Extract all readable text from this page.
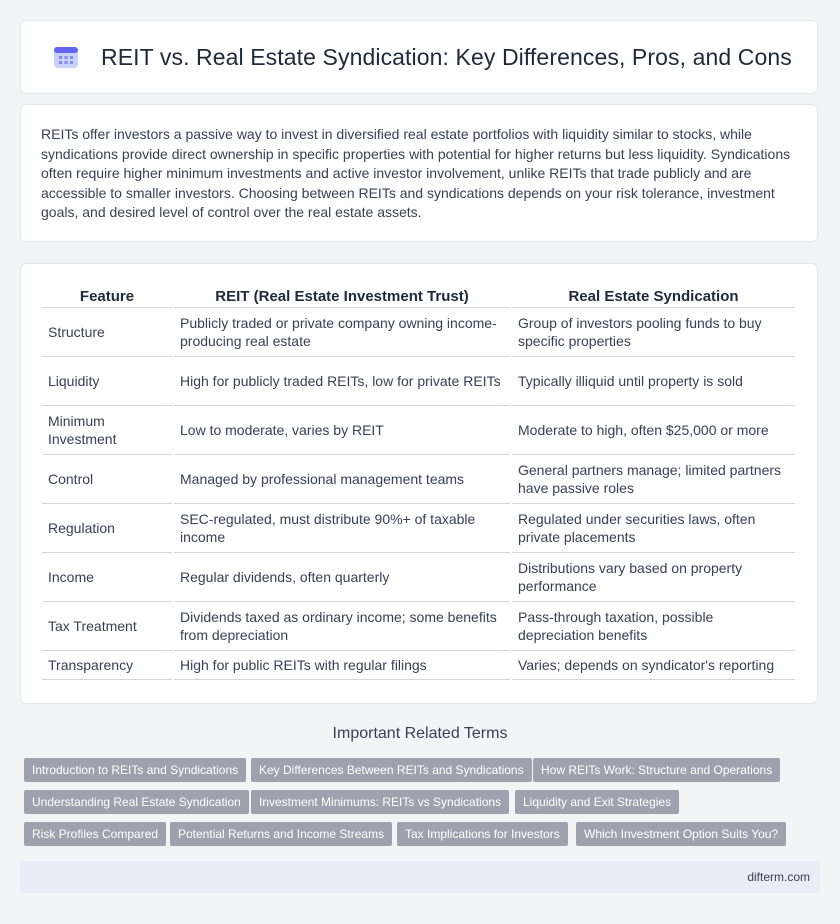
REIT vs. Real Estate Syndication: Key Differences, Pros, and Cons

REITs offer investors a passive way to invest in diversified real estate portfolios with liquidity similar to stocks, while syndications provide direct ownership in specific properties with potential for higher returns but less liquidity. Syndications often require higher minimum investments and active investor involvement, unlike REITs that trade publicly and are accessible to smaller investors. Choosing between REITs and syndications depends on your risk tolerance, investment goals, and desired level of control over the real estate assets.

Feature	REIT (Real Estate Investment Trust)	Real Estate Syndication
Structure	Publicly traded or private company owning income-producing real estate	Group of investors pooling funds to buy specific properties
Liquidity	High for publicly traded REITs, low for private REITs	Typically illiquid until property is sold
Minimum Investment	Low to moderate, varies by REIT	Moderate to high, often $25,000 or more
Control	Managed by professional management teams	General partners manage; limited partners have passive roles
Regulation	SEC-regulated, must distribute 90%+ of taxable income	Regulated under securities laws, often private placements
Income	Regular dividends, often quarterly	Distributions vary based on property performance
Tax Treatment	Dividends taxed as ordinary income; some benefits from depreciation	Pass-through taxation, possible depreciation benefits
Transparency	High for public REITs with regular filings	Varies; depends on syndicator's reporting
Important Related Terms
Introduction to REITs and Syndications	Key Differences Between REITs and Syndications	How REITs Work: Structure and Operations
Understanding Real Estate Syndication	Investment Minimums: REITs vs Syndications	Liquidity and Exit Strategies
Risk Profiles Compared	Potential Returns and Income Streams	Tax Implications for Investors	Which Investment Option Suits You?
difterm.com
